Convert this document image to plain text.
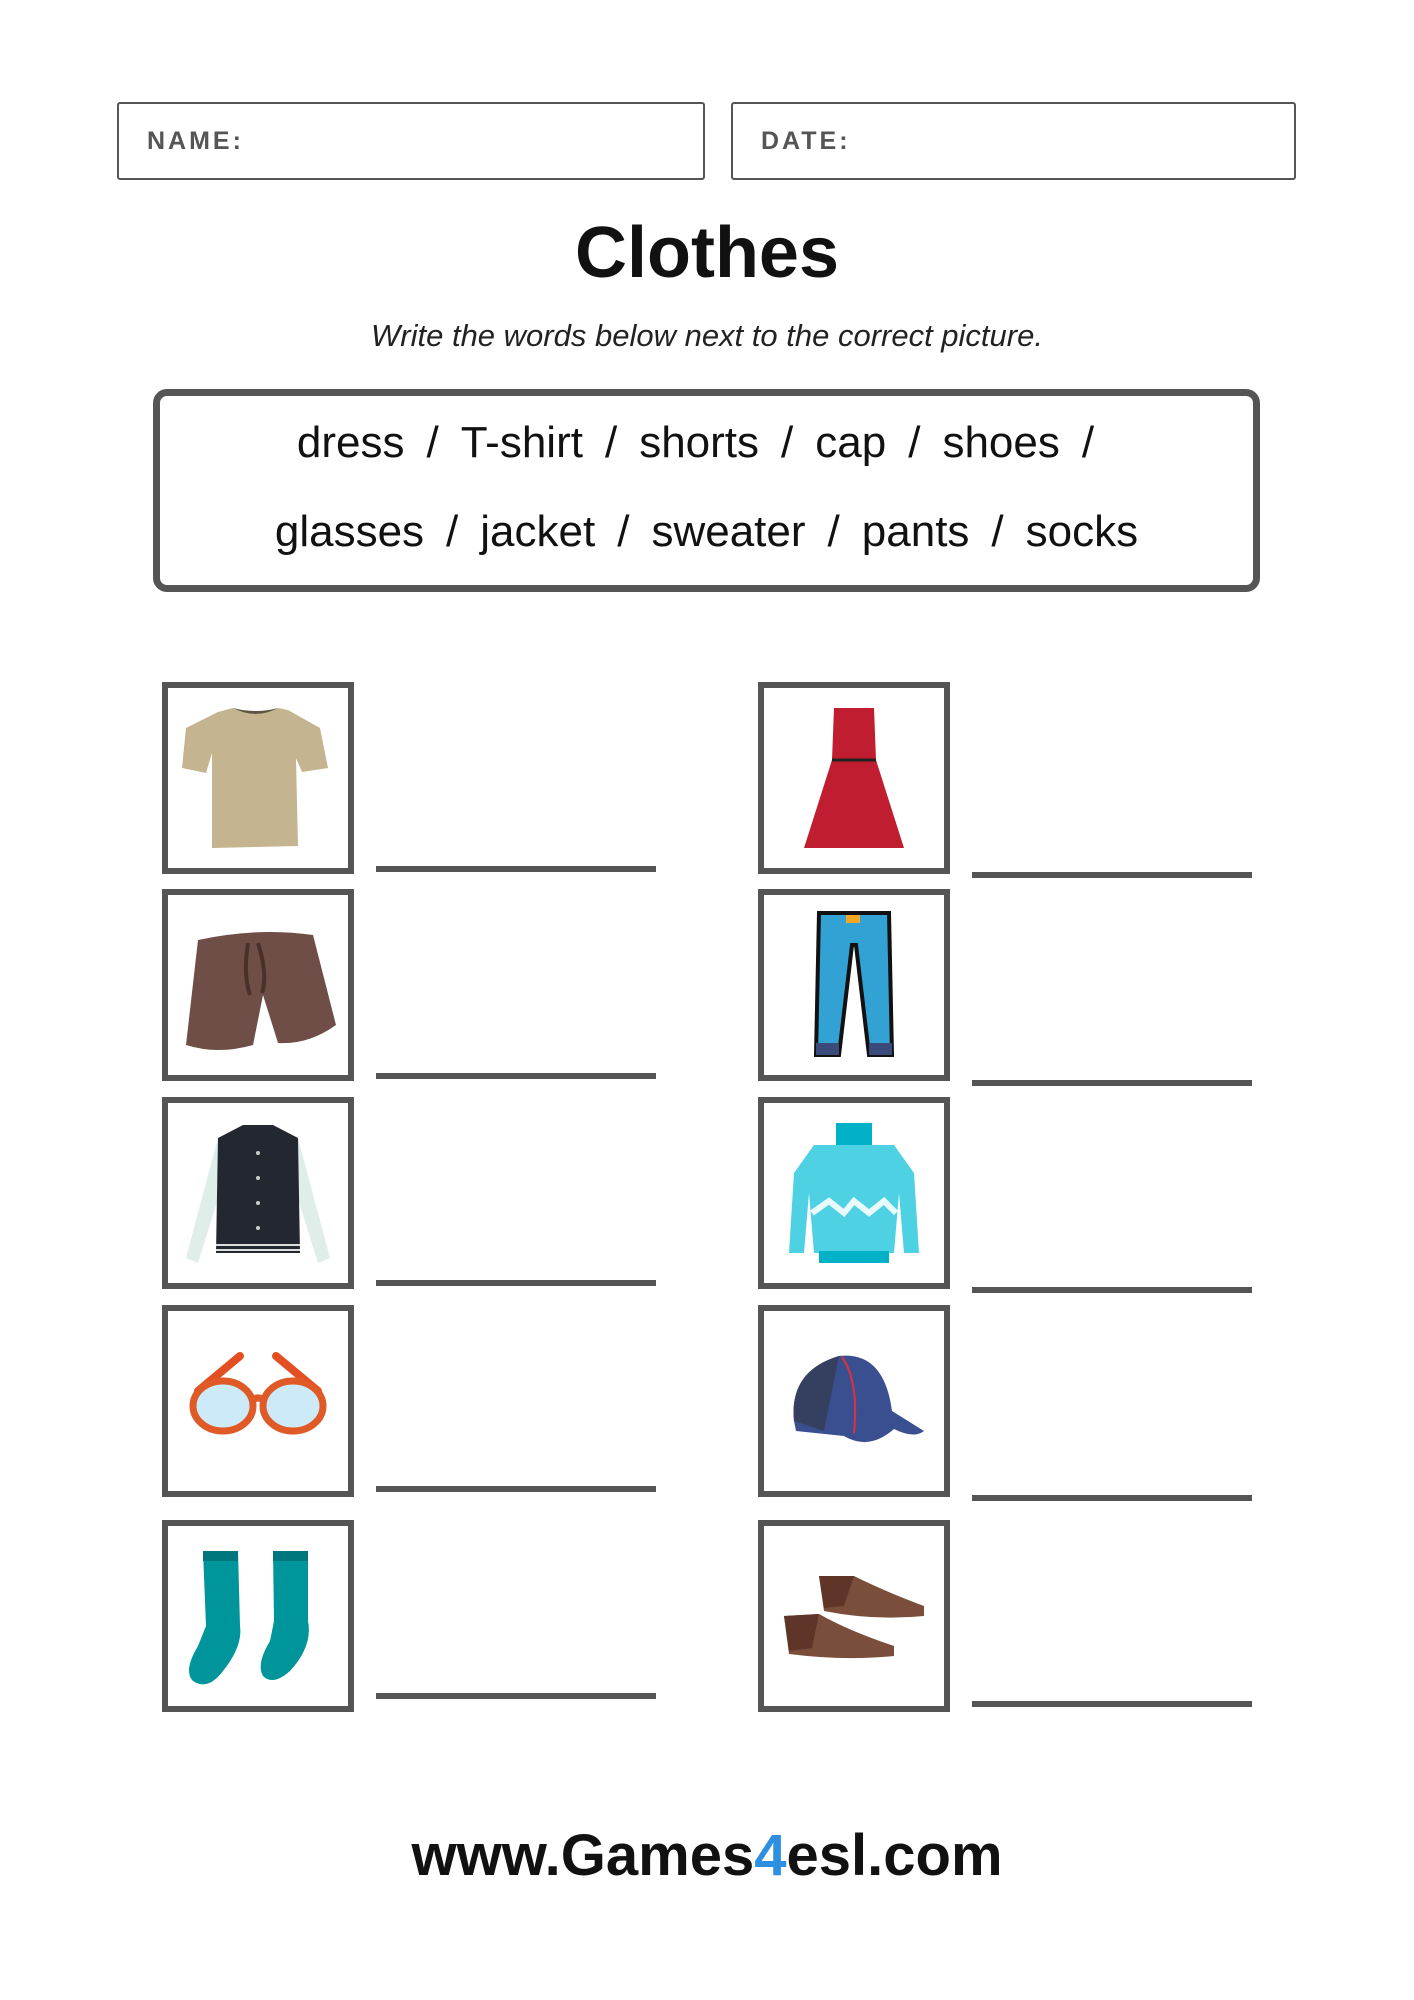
NAME:	DATE:
Clothes
Write the words below next to the correct picture.
dress / T-shirt / shorts / cap / shoes /
glasses / jacket / sweater / pants / socks
www.Games4esl.com
